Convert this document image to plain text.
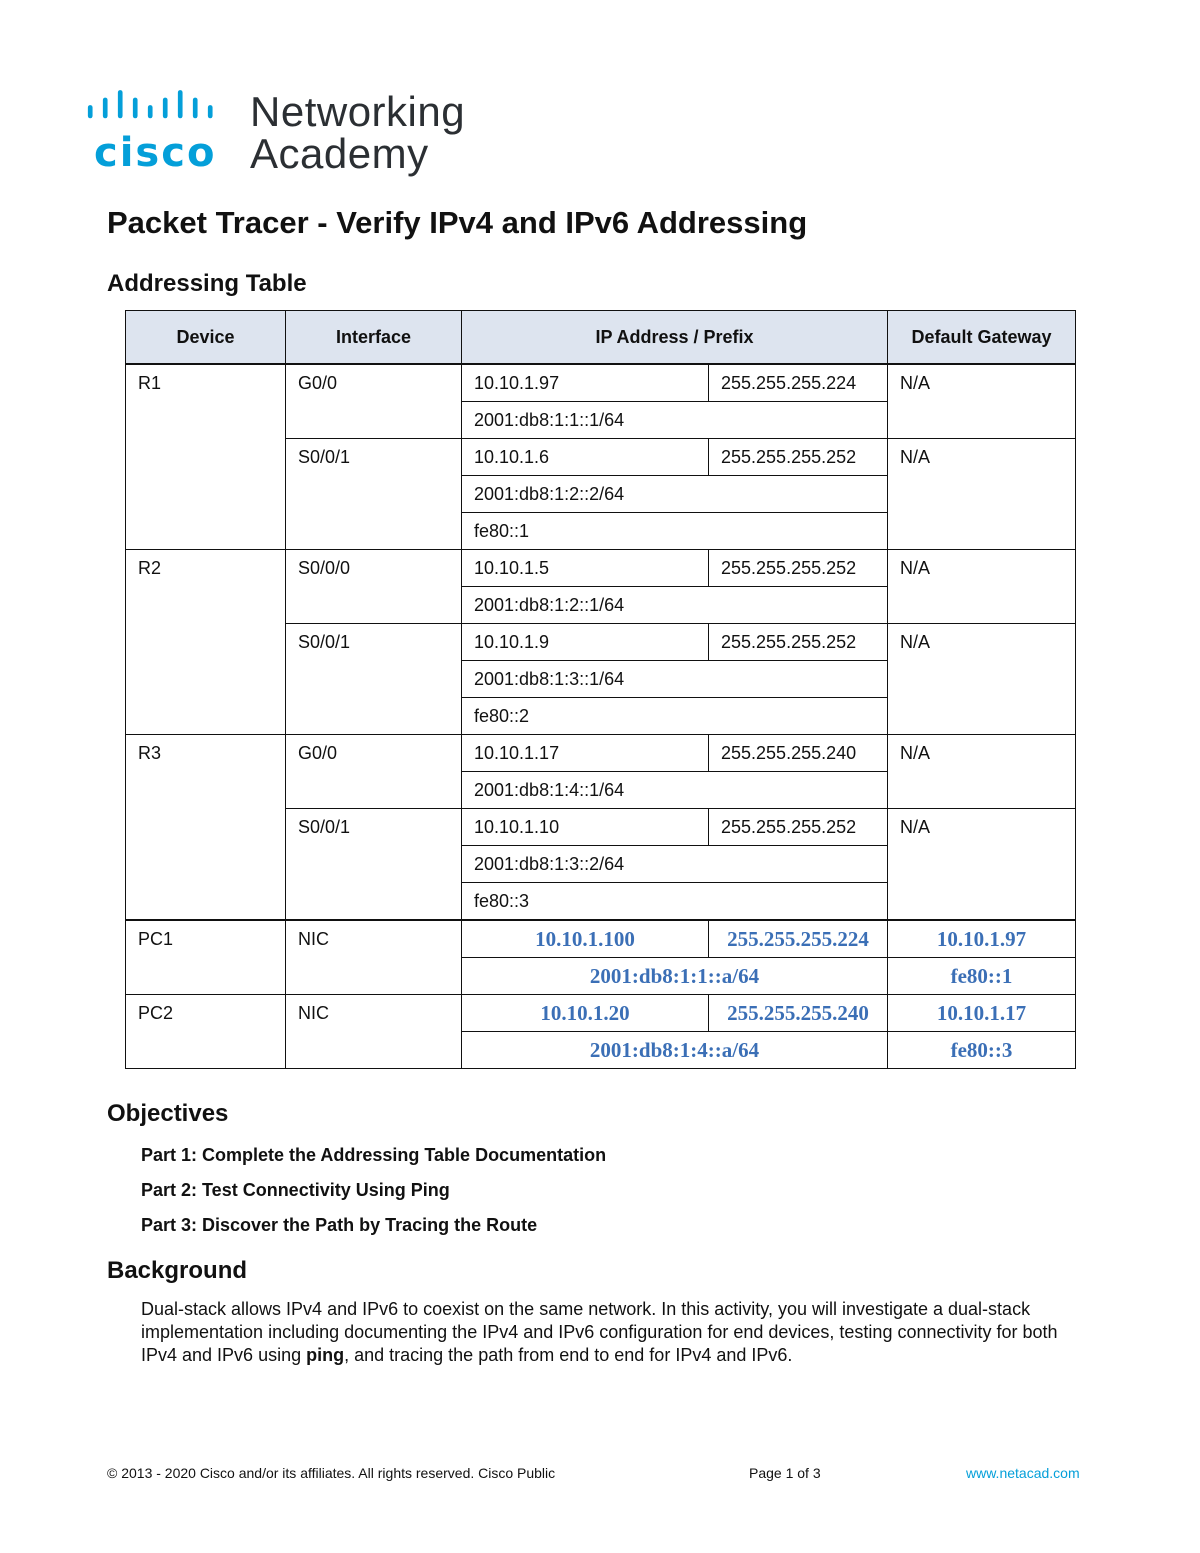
cisco
Networking
Academy
Packet Tracer - Verify IPv4 and IPv6 Addressing
Addressing Table
Device	Interface	IP Address / Prefix		Default Gateway
R1	G0/0	10.10.1.97	255.255.255.224	N/A
		2001:db8:1:1::1/64		
	S0/0/1	10.10.1.6	255.255.255.252	N/A
		2001:db8:1:2::2/64		
		fe80::1		
R2	S0/0/0	10.10.1.5	255.255.255.252	N/A
		2001:db8:1:2::1/64		
	S0/0/1	10.10.1.9	255.255.255.252	N/A
		2001:db8:1:3::1/64		
		fe80::2		
R3	G0/0	10.10.1.17	255.255.255.240	N/A
		2001:db8:1:4::1/64		
	S0/0/1	10.10.1.10	255.255.255.252	N/A
		2001:db8:1:3::2/64		
		fe80::3		
PC1	NIC	10.10.1.100	255.255.255.224	10.10.1.97
		2001:db8:1:1::a/64		fe80::1
PC2	NIC	10.10.1.20	255.255.255.240	10.10.1.17
		2001:db8:1:4::a/64		fe80::3
Objectives
Part 1: Complete the Addressing Table Documentation
Part 2: Test Connectivity Using Ping
Part 3: Discover the Path by Tracing the Route
Background
Dual-stack allows IPv4 and IPv6 to coexist on the same network. In this activity, you will investigate a dual-stack implementation including documenting the IPv4 and IPv6 configuration for end devices, testing connectivity for both IPv4 and IPv6 using ping, and tracing the path from end to end for IPv4 and IPv6.
© 2013 - 2020 Cisco and/or its affiliates. All rights reserved. Cisco Public	Page 1 of 3	www.netacad.com
